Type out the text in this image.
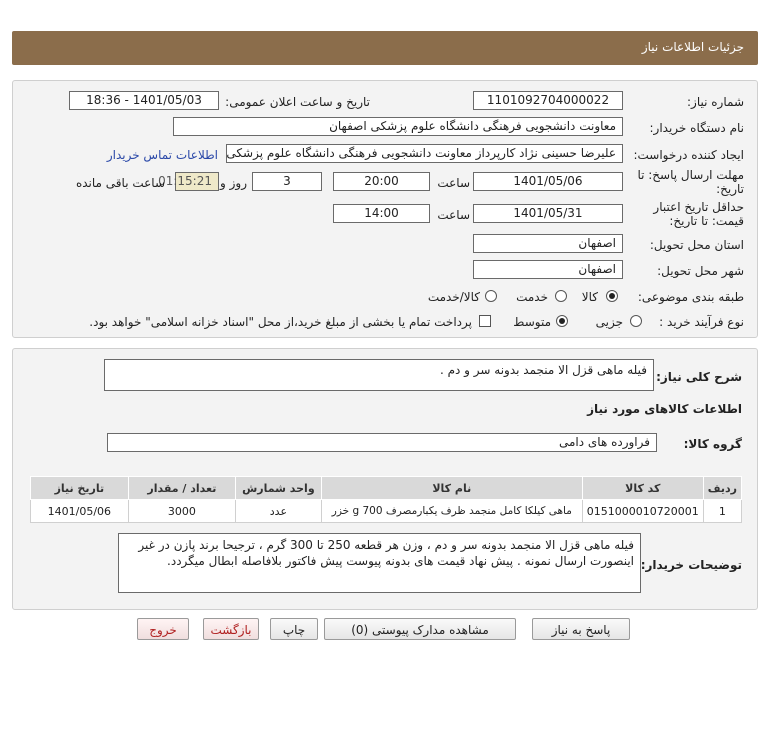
جزئیات اطلاعات نیاز
شماره نیاز:
1101092704000022
تاریخ و ساعت اعلان عمومی:
1401/05/03 - 18:36
نام دستگاه خریدار:
معاونت دانشجویی فرهنگی دانشگاه علوم پزشکی اصفهان
ایجاد کننده درخواست:
علیرضا حسینی نژاد کارپرداز معاونت دانشجویی فرهنگی دانشگاه علوم پزشکی
اطلاعات تماس خریدار
مهلت ارسال پاسخ: تا
تاریخ:
1401/05/06
ساعت
20:00
3
روز و
01:15:21
ساعت باقی مانده
حداقل تاریخ اعتبار
قیمت: تا تاریخ:
1401/05/31
ساعت
14:00
استان محل تحویل:
اصفهان
شهر محل تحویل:
اصفهان
طبقه بندی موضوعی:
کالا
خدمت
کالا/خدمت
نوع فرآیند خرید :
جزیی
متوسط
پرداخت تمام یا بخشی از مبلغ خرید،از محل "اسناد خزانه اسلامی" خواهد بود.
شرح کلی نیاز:
فیله ماهی قزل الا منجمد بدونه سر و دم .
اطلاعات کالاهای مورد نیاز
گروه کالا:
فراورده های دامی
ردیف	کد کالا	نام کالا	واحد شمارش	تعداد / مقدار	تاریخ نیاز
1	0151000010720001	ماهی کیلکا کامل منجمد ظرف یکبارمصرف 700 g خزر	عدد	3000	1401/05/06
توضیحات خریدار:
فیله ماهی قزل الا منجمد بدونه سر و دم ، وزن هر قطعه 250 تا 300 گرم ، ترجیحا برند پازن در غیر اینصورت ارسال نمونه . پیش نهاد قیمت های بدونه پیوست پیش فاکتور بلافاصله ابطال میگردد.
پاسخ به نیاز
مشاهده مدارک پیوستی (0)
چاپ
بازگشت
خروج
